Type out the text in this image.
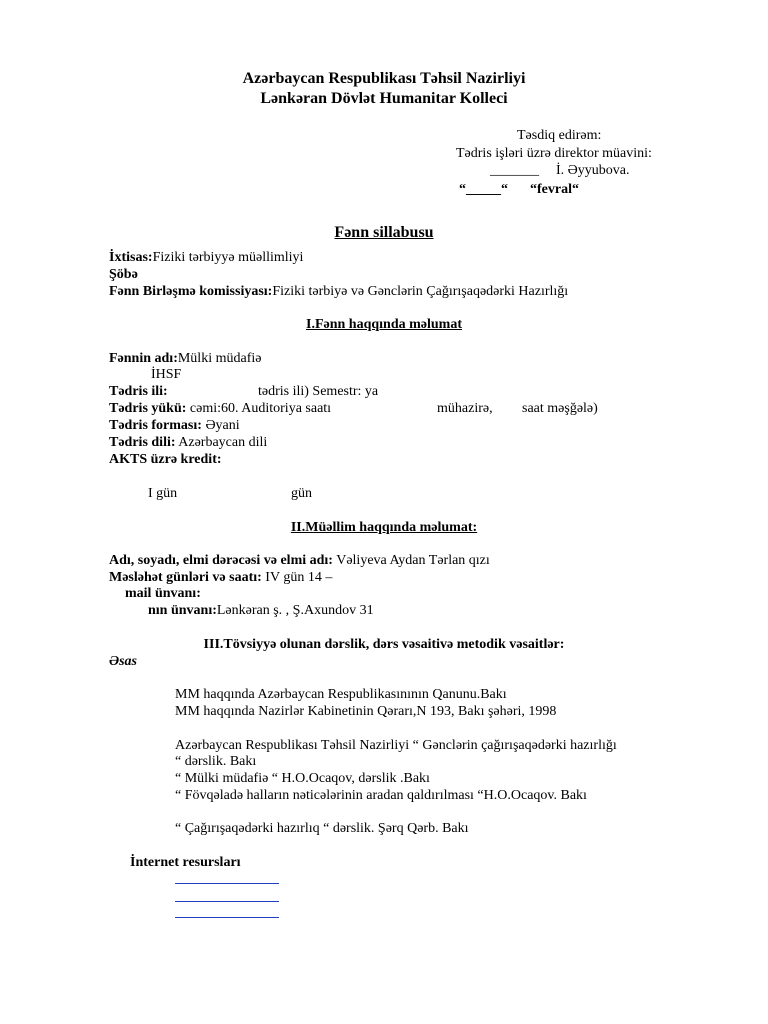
Azərbaycan Respublikası Təhsil Nazirliyi
Lənkəran Dövlət Humanitar Kolleci
Təsdiq edirəm:
Tədris işləri üzrə direktor müavini:
_______ İ. Əyyubova.
“_____“ “fevral“
Fənn sillabusu
İxtisas:Fiziki tərbiyyə müəllimliyi
Şöbə
Fənn Birləşmə komissiyası:Fiziki tərbiyə və Gənclərin Çağırışaqədərki Hazırlığı
I.Fənn haqqında məlumat
Fənnin adı:Mülki müdafiə
İHSF
Tədris ili:	tədris ili) Semestr: ya
Tədris yükü: cəmi:60. Auditoriya saatı	mühazirə, saat məşğələ)
Tədris forması: Əyani
Tədris dili: Azərbaycan dili
AKTS üzrə kredit:
I gün	gün
II.Müəllim haqqında məlumat:
Adı, soyadı, elmi dərəcəsi və elmi adı: Vəliyeva Aydan Tərlan qızı
Məsləhət günləri və saatı: IV gün 14 –
mail ünvanı:
nın ünvanı:Lənkəran ş. , Ş.Axundov 31
III.Tövsiyyə olunan dərslik, dərs vəsaitivə metodik vəsaitlər:
Əsas
MM haqqında Azərbaycan Respublikasınının Qanunu.Bakı
MM haqqında Nazirlər Kabinetinin Qərarı,N 193, Bakı şəhəri, 1998
Azərbaycan Respublikası Təhsil Nazirliyi “ Gənclərin çağırışaqədərki hazırlığı
“ dərslik. Bakı
“ Mülki müdafiə “ H.O.Ocaqov, dərslik .Bakı
“ Fövqəladə halların nəticələrinin aradan qaldırılması “H.O.Ocaqov. Bakı
“ Çağırışaqədərki hazırlıq “ dərslik. Şərq Qərb. Bakı
İnternet resursları
